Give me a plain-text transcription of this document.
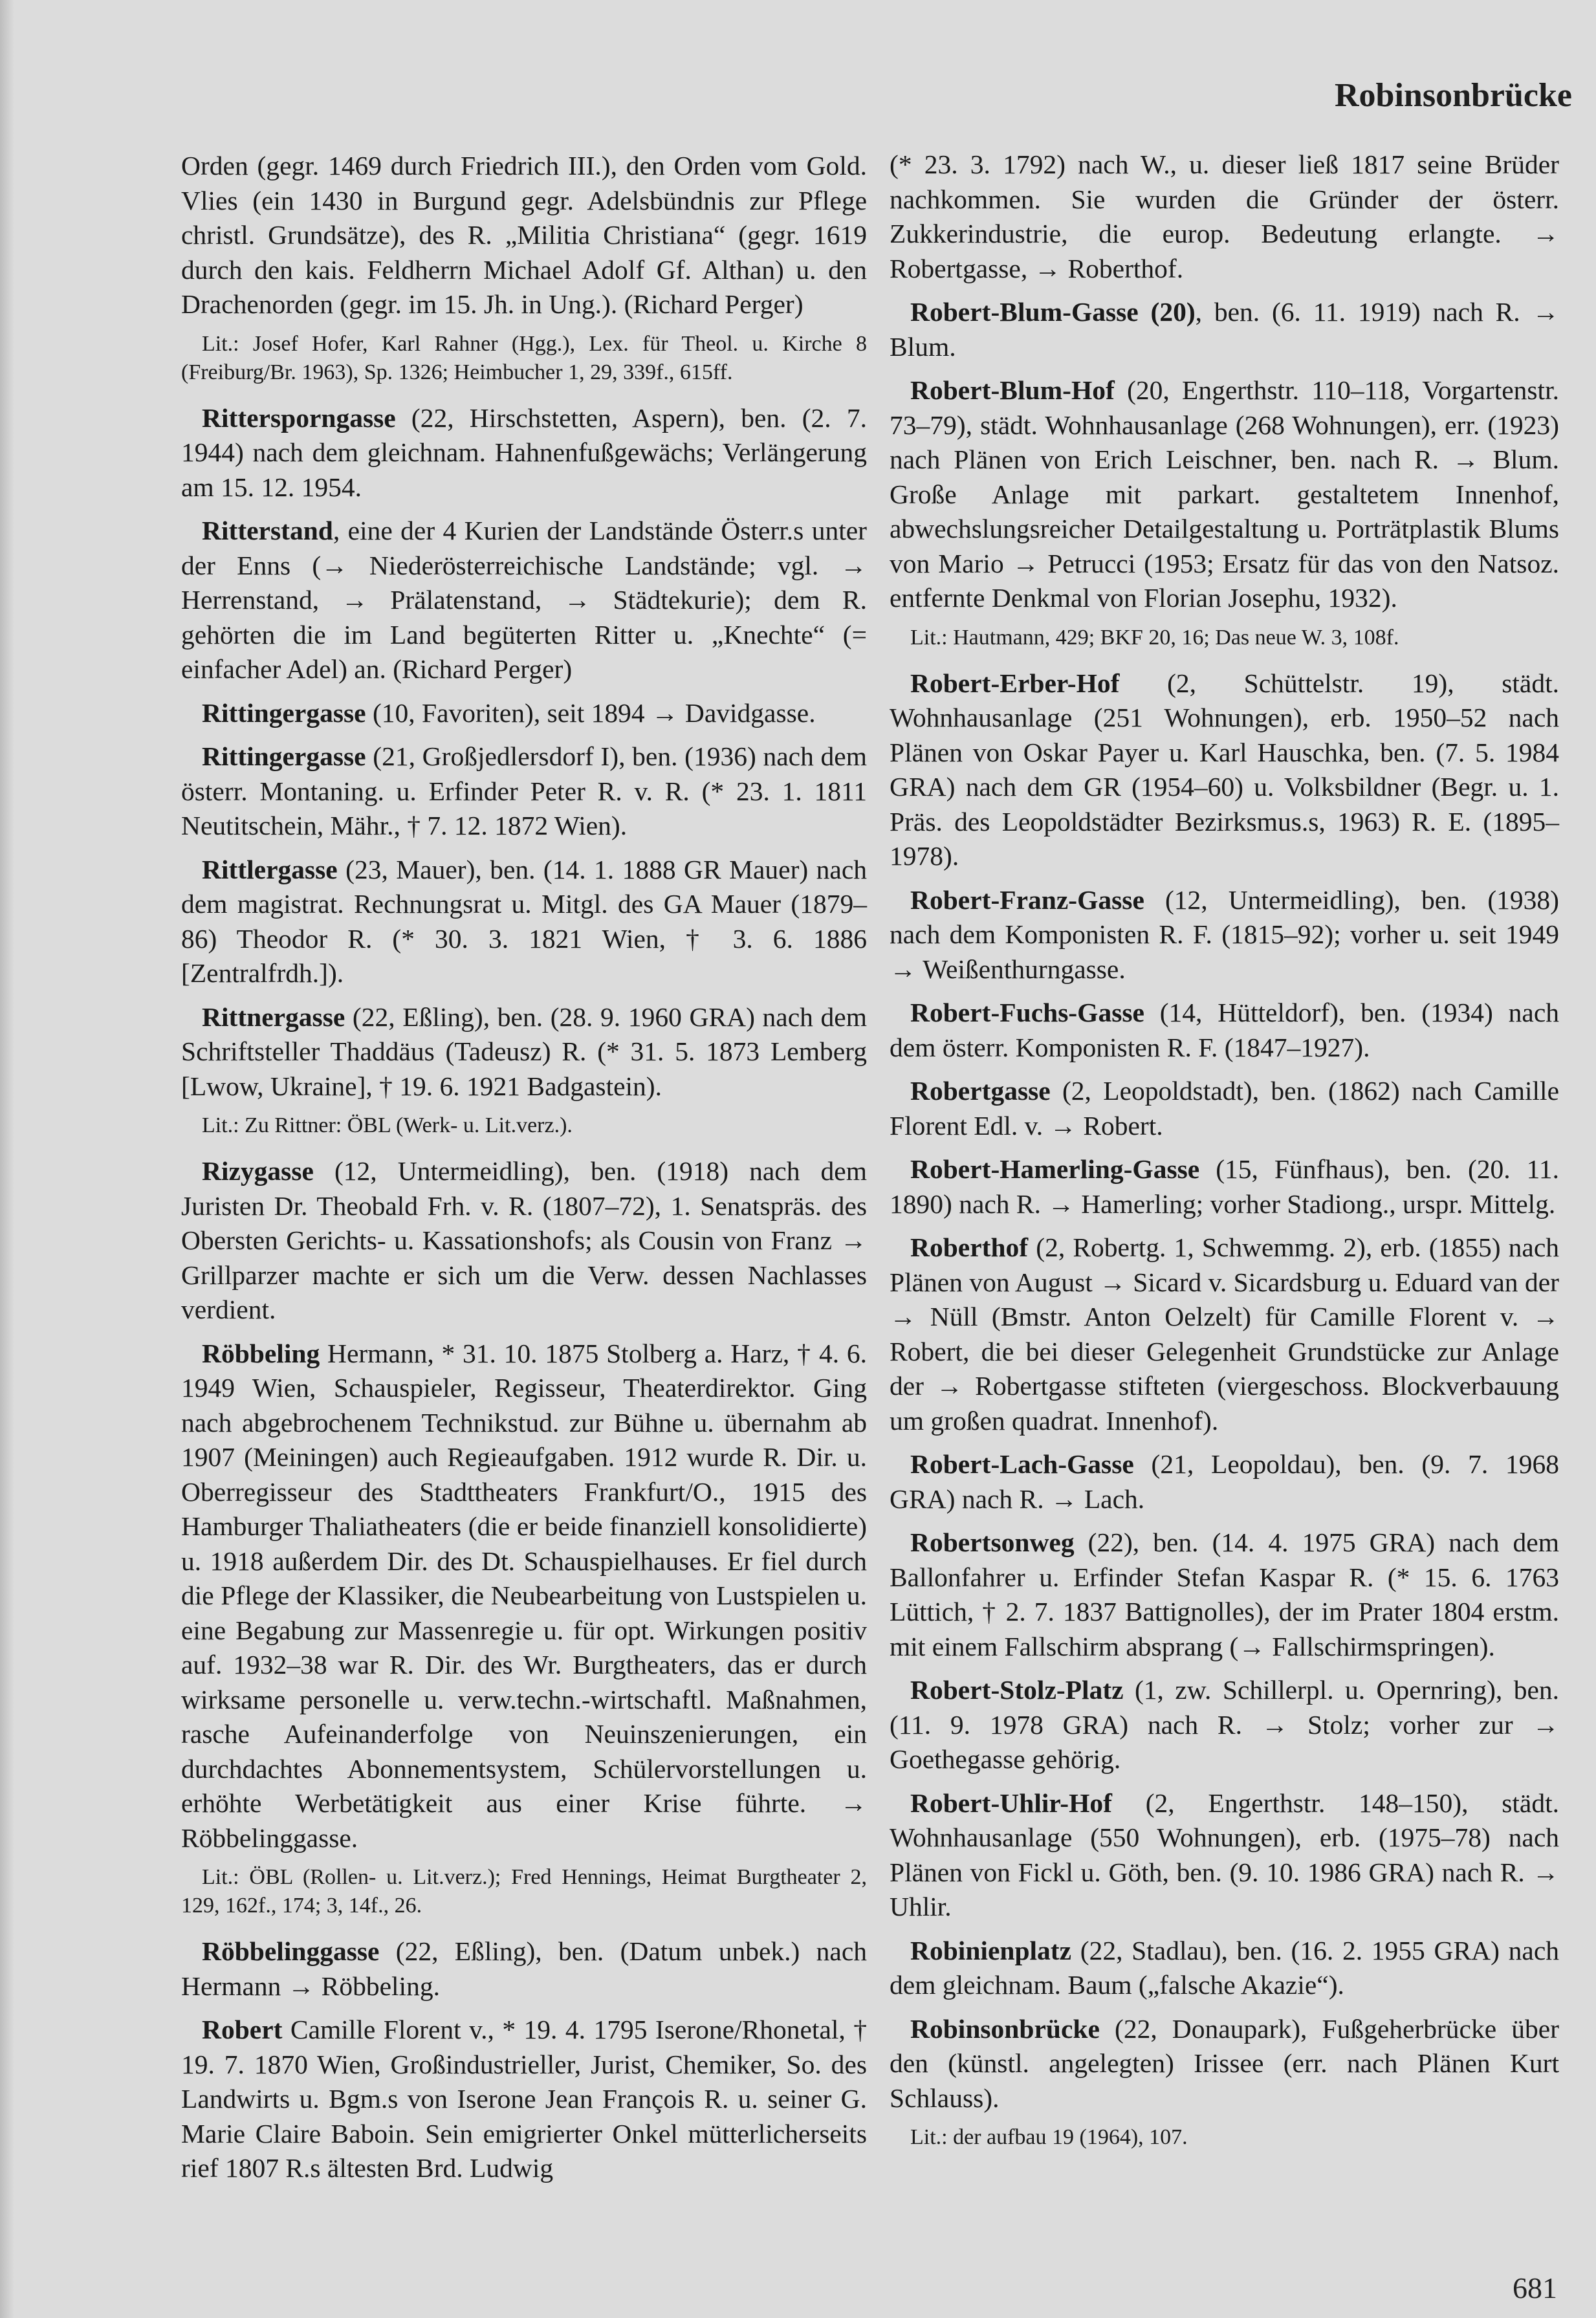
Robinsonbrücke
Orden (gegr. 1469 durch Friedrich III.), den Orden vom Gold. Vlies (ein 1430 in Burgund gegr. Adelsbündnis zur Pflege christl. Grundsätze), des R. „Militia Christiana“ (gegr. 1619 durch den kais. Feldherrn Michael Adolf Gf. Althan) u. den Drachenorden (gegr. im 15. Jh. in Ung.). (Richard Perger)
Lit.: Josef Hofer, Karl Rahner (Hgg.), Lex. für Theol. u. Kirche 8 (Freiburg/Br. 1963), Sp. 1326; Heimbucher 1, 29, 339f., 615ff.
Rittersporngasse (22, Hirschstetten, Aspern), ben. (2. 7. 1944) nach dem gleichnam. Hahnenfußgewächs; Verlängerung am 15. 12. 1954.
Ritterstand, eine der 4 Kurien der Landstände Österr.s unter der Enns (→ Niederösterreichische Landstände; vgl. → Herrenstand, → Prälatenstand, → Städtekurie); dem R. gehörten die im Land begüterten Ritter u. „Knechte“ (= einfacher Adel) an. (Richard Perger)
Rittingergasse (10, Favoriten), seit 1894 → Davidgasse.
Rittingergasse (21, Großjedlersdorf I), ben. (1936) nach dem österr. Montaning. u. Erfinder Peter R. v. R. (* 23. 1. 1811 Neutitschein, Mähr., † 7. 12. 1872 Wien).
Rittlergasse (23, Mauer), ben. (14. 1. 1888 GR Mauer) nach dem magistrat. Rechnungsrat u. Mitgl. des GA Mauer (1879–86) Theodor R. (* 30. 3. 1821 Wien, † 3. 6. 1886 [Zentralfrdh.]).
Rittnergasse (22, Eßling), ben. (28. 9. 1960 GRA) nach dem Schriftsteller Thaddäus (Tadeusz) R. (* 31. 5. 1873 Lemberg [Lwow, Ukraine], † 19. 6. 1921 Badgastein).
Lit.: Zu Rittner: ÖBL (Werk- u. Lit.verz.).
Rizygasse (12, Untermeidling), ben. (1918) nach dem Juristen Dr. Theobald Frh. v. R. (1807–72), 1. Senatspräs. des Obersten Gerichts- u. Kassationshofs; als Cousin von Franz → Grillparzer machte er sich um die Verw. dessen Nachlasses verdient.
Röbbeling Hermann, * 31. 10. 1875 Stolberg a. Harz, † 4. 6. 1949 Wien, Schauspieler, Regisseur, Theaterdirektor. Ging nach abgebrochenem Technikstud. zur Bühne u. übernahm ab 1907 (Meiningen) auch Regieaufgaben. 1912 wurde R. Dir. u. Oberregisseur des Stadttheaters Frankfurt/O., 1915 des Hamburger Thaliatheaters (die er beide finanziell konsolidierte) u. 1918 außerdem Dir. des Dt. Schauspielhauses. Er fiel durch die Pflege der Klassiker, die Neubearbeitung von Lustspielen u. eine Begabung zur Massenregie u. für opt. Wirkungen positiv auf. 1932–38 war R. Dir. des Wr. Burgtheaters, das er durch wirksame personelle u. verw.techn.-wirtschaftl. Maßnahmen, rasche Aufeinanderfolge von Neuinszenierungen, ein durchdachtes Abonnementsystem, Schülervorstellungen u. erhöhte Werbetätigkeit aus einer Krise führte. → Röbbelinggasse.
Lit.: ÖBL (Rollen- u. Lit.verz.); Fred Hennings, Heimat Burgtheater 2, 129, 162f., 174; 3, 14f., 26.
Röbbelinggasse (22, Eßling), ben. (Datum unbek.) nach Hermann → Röbbeling.
Robert Camille Florent v., * 19. 4. 1795 Iserone/Rhonetal, † 19. 7. 1870 Wien, Großindustrieller, Jurist, Chemiker, So. des Landwirts u. Bgm.s von Iserone Jean François R. u. seiner G. Marie Claire Baboin. Sein emigrierter Onkel mütterlicherseits rief 1807 R.s ältesten Brd. Ludwig
(* 23. 3. 1792) nach W., u. dieser ließ 1817 seine Brüder nachkommen. Sie wurden die Gründer der österr. Zukkerindustrie, die europ. Bedeutung erlangte. → Robertgasse, → Roberthof.
Robert-Blum-Gasse (20), ben. (6. 11. 1919) nach R. → Blum.
Robert-Blum-Hof (20, Engerthstr. 110–118, Vorgartenstr. 73–79), städt. Wohnhausanlage (268 Wohnungen), err. (1923) nach Plänen von Erich Leischner, ben. nach R. → Blum. Große Anlage mit parkart. gestaltetem Innenhof, abwechslungsreicher Detailgestaltung u. Porträtplastik Blums von Mario → Petrucci (1953; Ersatz für das von den Natsoz. entfernte Denkmal von Florian Josephu, 1932).
Lit.: Hautmann, 429; BKF 20, 16; Das neue W. 3, 108f.
Robert-Erber-Hof (2, Schüttelstr. 19), städt. Wohnhausanlage (251 Wohnungen), erb. 1950–52 nach Plänen von Oskar Payer u. Karl Hauschka, ben. (7. 5. 1984 GRA) nach dem GR (1954–60) u. Volksbildner (Begr. u. 1. Präs. des Leopoldstädter Bezirksmus.s, 1963) R. E. (1895–1978).
Robert-Franz-Gasse (12, Untermeidling), ben. (1938) nach dem Komponisten R. F. (1815–92); vorher u. seit 1949 → Weißenthurngasse.
Robert-Fuchs-Gasse (14, Hütteldorf), ben. (1934) nach dem österr. Komponisten R. F. (1847–1927).
Robertgasse (2, Leopoldstadt), ben. (1862) nach Camille Florent Edl. v. → Robert.
Robert-Hamerling-Gasse (15, Fünfhaus), ben. (20. 11. 1890) nach R. → Hamerling; vorher Stadiong., urspr. Mittelg.
Roberthof (2, Robertg. 1, Schwemmg. 2), erb. (1855) nach Plänen von August → Sicard v. Sicardsburg u. Eduard van der → Nüll (Bmstr. Anton Oelzelt) für Camille Florent v. → Robert, die bei dieser Gelegenheit Grundstücke zur Anlage der → Robertgasse stifteten (viergeschoss. Blockverbauung um großen quadrat. Innenhof).
Robert-Lach-Gasse (21, Leopoldau), ben. (9. 7. 1968 GRA) nach R. → Lach.
Robertsonweg (22), ben. (14. 4. 1975 GRA) nach dem Ballonfahrer u. Erfinder Stefan Kaspar R. (* 15. 6. 1763 Lüttich, † 2. 7. 1837 Battignolles), der im Prater 1804 erstm. mit einem Fallschirm absprang (→ Fallschirmspringen).
Robert-Stolz-Platz (1, zw. Schillerpl. u. Opernring), ben. (11. 9. 1978 GRA) nach R. → Stolz; vorher zur → Goethegasse gehörig.
Robert-Uhlir-Hof (2, Engerthstr. 148–150), städt. Wohnhausanlage (550 Wohnungen), erb. (1975–78) nach Plänen von Fickl u. Göth, ben. (9. 10. 1986 GRA) nach R. → Uhlir.
Robinienplatz (22, Stadlau), ben. (16. 2. 1955 GRA) nach dem gleichnam. Baum („falsche Akazie“).
Robinsonbrücke (22, Donaupark), Fußgeherbrücke über den (künstl. angelegten) Irissee (err. nach Plänen Kurt Schlauss).
Lit.: der aufbau 19 (1964), 107.
681
